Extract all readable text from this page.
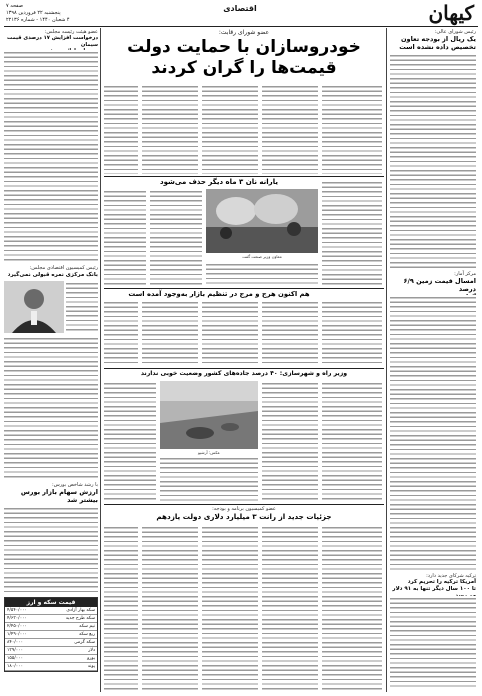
کیهان
اقتصادی
صفحه ۷
پنجشنبه ۲۲ فروردین ۱۳۹۸
۴ شعبان ۱۴۴۰ - شماره ۲۲۱۳۶
رئیس شورای عالی:
یک ریال از بودجه تعاون
تخصیص داده نشده است
مرکز آمار:
امسال قیمت زمین ۶/۹ درصد
ترکیه شرکای جدید دارد:
آمریکا ترکیه را تحریم کرد
تا ۱۰۰ سال دیگر تنها به ۹۱ دلار
عضو شورای رقابت:
خودروسازان با حمایت دولت
قیمت‌ها را گران کردند
یارانه نان ۳ ماه دیگر حذف می‌شود
معاون وزیر صنعت گفت
هم اکنون هرج و مرج در تنظیم بازار به‌وجود آمده است
وزیر راه و شهرسازی: ۴۰ درصد جاده‌های کشور وضعیت خوبی ندارند
عکس: آرشیو
عضو کمیسیون برنامه و بودجه:
جزئیات جدید از رانت ۳ میلیارد دلاری دولت یازدهم
عضو هیئت رئیسه مجلس:
درخواست افزایش ۱۷ درصدی قیمت سیمان
رئیس کمیسیون اقتصادی مجلس:
بانک مرکزی نمره قبولی نمی‌گیرد
با رشد شاخص بورس:
ارزش سهام بازار بورس
بیشتر شد
قیمت سکه و ارز
سکه بهار آزادی
۴/۵۴۰/۰۰۰
سکه طرح جدید
۴/۶۳۰/۰۰۰
نیم سکه
۲/۴۵۰/۰۰۰
ربع سکه
۱/۴۹۰/۰۰۰
سکه گرمی
۸۴۰/۰۰۰
دلار
۱۳۹/۰۰۰
یورو
۱۵۵/۰۰۰
پوند
۱۸۰/۰۰۰
